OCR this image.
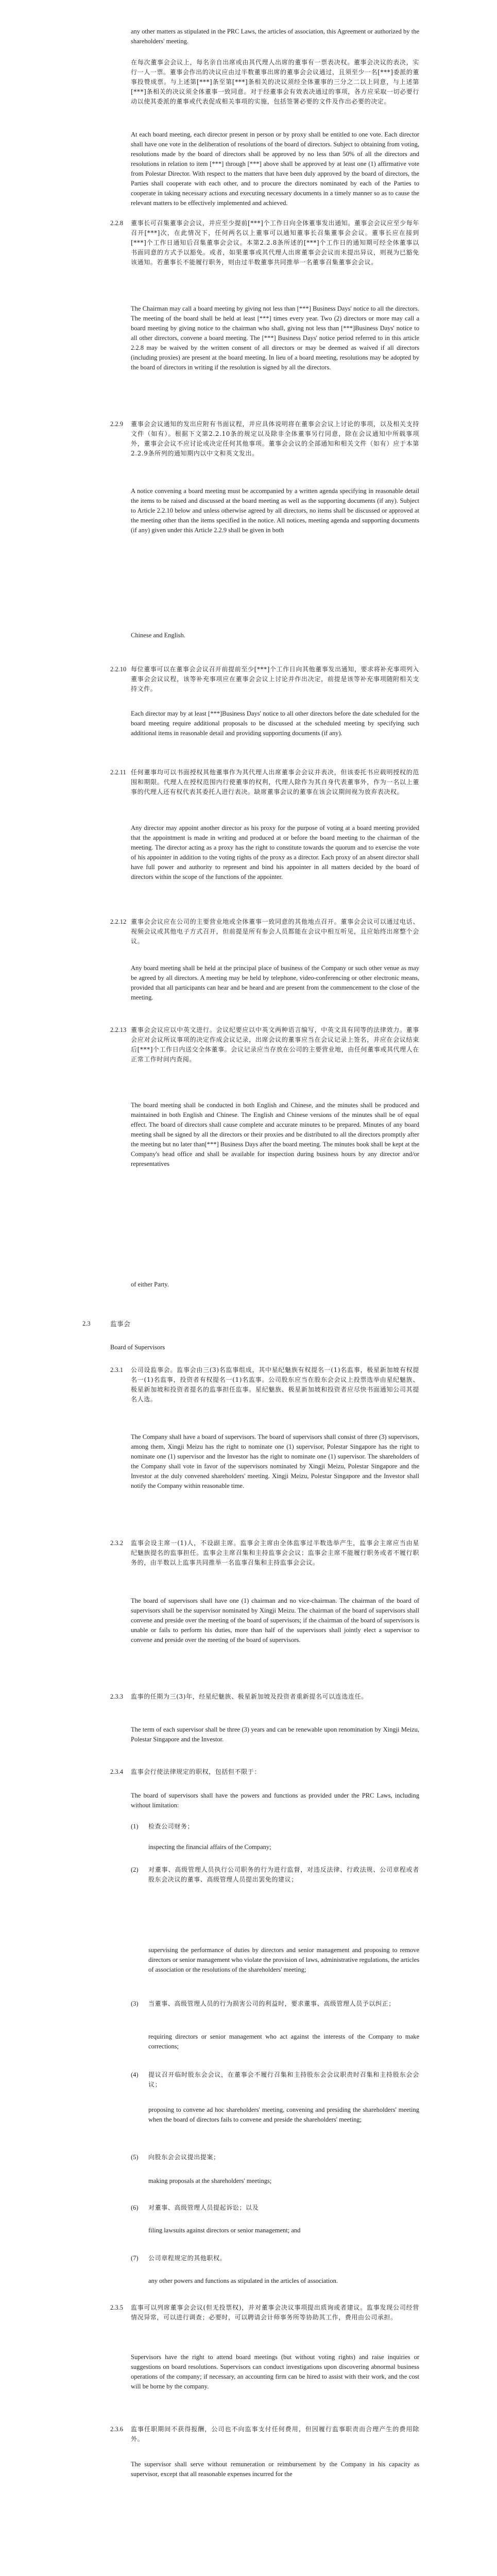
any other matters as stipulated in the PRC Laws, the articles of association, this Agreement or authorized by the shareholders' meeting.
在每次董事会会议上，每名亲自出席或由其代理人出席的董事有一票表决权。董事会决议的表决，实行一人一票。董事会作出的决议应由过半数董事出席的董事会会议通过，且须至少一名[***]委派的董事投赞成票。与上述第[***]条至第[***]条相关的决议须经全体董事的三分之二以上同意，与上述第[***]条相关的决议须全体董事一致同意。对于经董事会有效表决通过的事项，各方应采取一切必要行动以使其委派的董事或代表促成相关事项的实施，包括签署必要的文件及作出必要的决定。
At each board meeting, each director present in person or by proxy shall be entitled to one vote. Each director shall have one vote in the deliberation of resolutions of the board of directors. Subject to obtaining from voting, resolutions made by the board of directors shall be approved by no less than 50% of all the directors and resolutions in relation to item [***] through [***] above shall be approved by at least one (1) affirmative vote from Polestar Director. With respect to the matters that have been duly approved by the board of directors, the Parties shall cooperate with each other, and to procure the directors nominated by each of the Parties to cooperate in taking necessary actions and executing necessary documents in a timely manner so as to cause the relevant matters to be effectively implemented and achieved.
2.2.8 董事长可召集董事会会议，并应至少提前[***]个工作日向全体董事发出通知。董事会会议应至少每年召开[***]次，在此情况下，任何两名以上董事可以通知董事长召集董事会会议。董事长应在接到[***]个工作日通知后召集董事会会议。本第2.2.8条所述的[***]个工作日的通知期可经全体董事以书面同意的方式予以豁免。或者，如果董事或其代理人出席董事会会议而未提出异议，则视为已豁免该通知。若董事长不能履行职务，则由过半数董事共同推举一名董事召集董事会会议。
The Chairman may call a board meeting by giving not less than [***] Business Days' notice to all the directors. The meeting of the board shall be held at least [***] times every year. Two (2) directors or more may call a board meeting by giving notice to the chairman who shall, giving not less than [***]Business Days' notice to all other directors, convene a board meeting. The [***] Business Days' notice period referred to in this article 2.2.8 may be waived by the written consent of all directors or may be deemed as waived if all directors (including proxies) are present at the board meeting. In lieu of a board meeting, resolutions may be adopted by the board of directors in writing if the resolution is signed by all the directors.
2.2.9 董事会会议通知的发出应附有书面议程，并应具体说明将在董事会会议上讨论的事项，以及相关支持文件（如有）。根据下文第2.2.10条的规定以及除非全体董事另行同意，除在会议通知中所载事项外，董事会会议不应讨论或决定任何其他事项。董事会会议的全部通知和相关文件（如有）应于本第2.2.9条所列的通知期内以中文和英文发出。
A notice convening a board meeting must be accompanied by a written agenda specifying in reasonable detail the items to be raised and discussed at the board meeting as well as the supporting documents (if any). Subject to Article 2.2.10 below and unless otherwise agreed by all directors, no items shall be discussed or approved at the meeting other than the items specified in the notice. All notices, meeting agenda and supporting documents (if any) given under this Article 2.2.9 shall be given in both
Chinese and English.
2.2.10 每位董事可以在董事会会议召开前提前至少[***]个工作日向其他董事发出通知，要求将补充事项列入董事会会议议程，该等补充事项应在董事会会议上讨论并作出决定，前提是该等补充事项随附相关支持文件。
Each director may by at least [***]Business Days' notice to all other directors before the date scheduled for the board meeting require additional proposals to be discussed at the scheduled meeting by specifying such additional items in reasonable detail and providing supporting documents (if any).
2.2.11 任何董事均可以书面授权其他董事作为其代理人出席董事会会议并表决，但该委托书应载明授权的范围和期限。代理人在授权范围内行使董事的权利，代理人除作为其自身代表董事外，作为一名以上董事的代理人还有权代表其委托人进行表决。缺席董事会议的董事在该会议期间视为放弃表决权。
Any director may appoint another director as his proxy for the purpose of voting at a board meeting provided that the appointment is made in writing and produced at or before the board meeting to the chairman of the meeting. The director acting as a proxy has the right to constitute towards the quorum and to exercise the vote of his appointer in addition to the voting rights of the proxy as a director. Each proxy of an absent director shall have full power and authority to represent and bind his appointer in all matters decided by the board of directors within the scope of the functions of the appointer.
2.2.12 董事会会议应在公司的主要营业地或全体董事一致同意的其他地点召开。董事会会议可以通过电话、视频会议或其他电子方式召开，但前提是所有参会人员都能在会议中相互听见，且应始终出席整个会议。
Any board meeting shall be held at the principal place of business of the Company or such other venue as may be agreed by all directors. A meeting may be held by telephone, video-conferencing or other electronic means, provided that all participants can hear and be heard and are present from the commencement to the close of the meeting.
2.2.13 董事会会议应以中英文进行。会议纪要应以中英文两种语言编写，中英文具有同等的法律效力。董事会应对会议所议事项的决定作成会议记录，出席会议的董事应当在会议记录上签名，并应在会议结束后[***]个工作日内送交全体董事。会议记录应当存放在公司的主要营业地，由任何董事或其代理人在正常工作时间内查阅。
The board meeting shall be conducted in both English and Chinese, and the minutes shall be produced and maintained in both English and Chinese. The English and Chinese versions of the minutes shall be of equal effect. The board of directors shall cause complete and accurate minutes to be prepared. Minutes of any board meeting shall be signed by all the directors or their proxies and be distributed to all the directors promptly after the meeting but no later than[***] Business Days after the board meeting. The minutes book shall be kept at the Company's head office and shall be available for inspection during business hours by any director and/or representatives
of either Party.
2.3	监事会
Board of Supervisors
2.3.1 公司设监事会。监事会由三(3)名监事组成，其中星纪魅族有权提名一(1)名监事，极星新加坡有权提名一(1)名监事，投资者有权提名一(1)名监事。公司股东应当在股东会会议上投票选举由星纪魅族、极星新加坡和投资者提名的监事担任监事。星纪魅族、极星新加坡和投资者应尽快书面通知公司其提名人选。
The Company shall have a board of supervisors. The board of supervisors shall consist of three (3) supervisors, among them, Xingji Meizu has the right to nominate one (1) supervisor, Polestar Singapore has the right to nominate one (1) supervisor and the Investor has the right to nominate one (1) supervisor. The shareholders of the Company shall vote in favor of the supervisors nominated by Xingji Meizu, Polestar Singapore and the Investor at the duly convened shareholders' meeting. Xingji Meizu, Polestar Singapore and the Investor shall notify the Company within reasonable time.
2.3.2 监事会设主席一(1)人，不设副主席。监事会主席由全体监事过半数选举产生，监事会主席应当由星纪魅族提名的监事担任。监事会主席召集和主持监事会会议；监事会主席不能履行职务或者不履行职务的，由半数以上监事共同推举一名监事召集和主持监事会会议。
The board of supervisors shall have one (1) chairman and no vice-chairman. The chairman of the board of supervisors shall be the supervisor nominated by Xingji Meizu. The chairman of the board of supervisors shall convene and preside over the meeting of the board of supervisors; if the chairman of the board of supervisors is unable or fails to perform his duties, more than half of the supervisors shall jointly elect a supervisor to convene and preside over the meeting of the board of supervisors.
2.3.3 监事的任期为三(3)年，经星纪魅族、极星新加坡及投资者重新提名可以连选连任。
The term of each supervisor shall be three (3) years and can be renewable upon renomination by Xingji Meizu, Polestar Singapore and the Investor.
2.3.4 监事会行使法律规定的职权，包括但不限于：
The board of supervisors shall have the powers and functions as provided under the PRC Laws, including without limitation:
(1) 检查公司财务；
inspecting the financial affairs of the Company;
(2) 对董事、高级管理人员执行公司职务的行为进行监督，对违反法律、行政法规、公司章程或者股东会决议的董事、高级管理人员提出罢免的建议；
supervising the performance of duties by directors and senior management and proposing to remove directors or senior management who violate the provision of laws, administrative regulations, the articles of association or the resolutions of the shareholders' meeting;
(3) 当董事、高级管理人员的行为损害公司的利益时，要求董事、高级管理人员予以纠正；
requiring directors or senior management who act against the interests of the Company to make corrections;
(4) 提议召开临时股东会会议，在董事会不履行召集和主持股东会会议职责时召集和主持股东会会议；
proposing to convene ad hoc shareholders' meeting, convening and presiding the shareholders' meeting when the board of directors fails to convene and preside the shareholders' meeting;
(5) 向股东会会议提出提案；
making proposals at the shareholders' meetings;
(6) 对董事、高级管理人员提起诉讼；以及
filing lawsuits against directors or senior management; and
(7) 公司章程规定的其他职权。
any other powers and functions as stipulated in the articles of association.
2.3.5 监事可以列席董事会会议(但无投票权)，并对董事会决议事项提出质询或者建议。监事发现公司经营情况异常，可以进行调查；必要时，可以聘请会计师事务所等协助其工作，费用由公司承担。
Supervisors have the right to attend board meetings (but without voting rights) and raise inquiries or suggestions on board resolutions. Supervisors can conduct investigations upon discovering abnormal business operations of the company; if necessary, an accounting firm can be hired to assist with their work, and the cost will be borne by the company.
2.3.6 监事任职期间不获得报酬，公司也不向监事支付任何费用，但因履行监事职责而合理产生的费用除外。
The supervisor shall serve without remuneration or reimbursement by the Company in his capacity as supervisor, except that all reasonable expenses incurred for the
